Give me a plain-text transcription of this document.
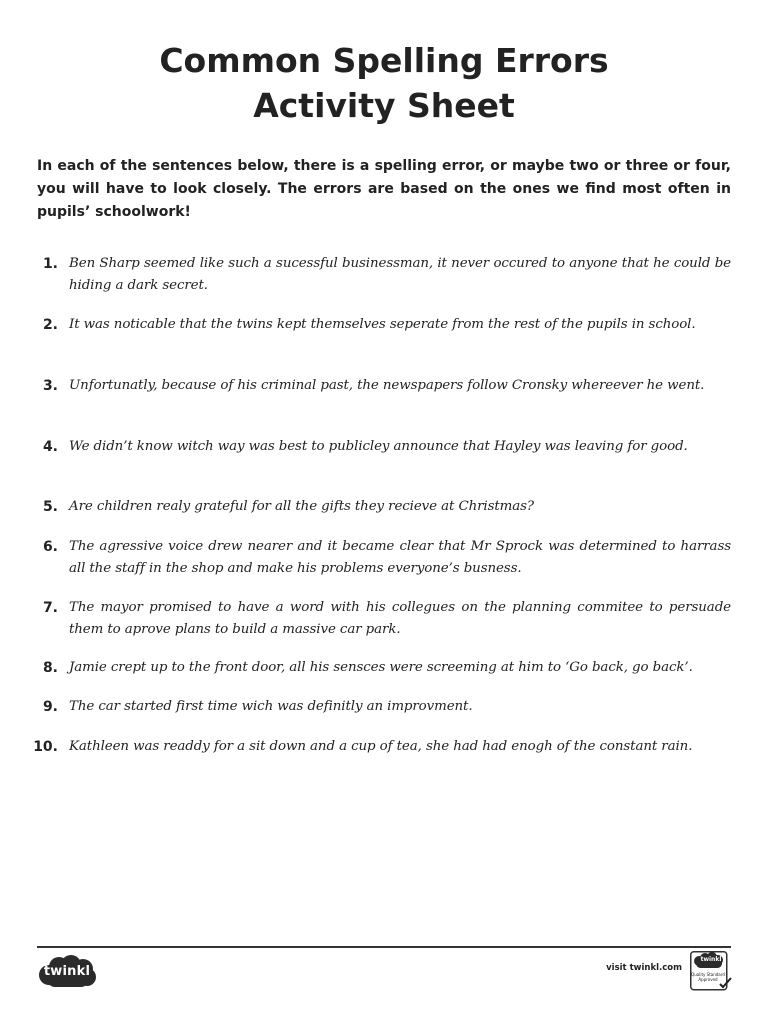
Common Spelling Errors
Activity Sheet

In each of the sentences below, there is a spelling error, or maybe two or three or four, you will have to look closely. The errors are based on the ones we find most often in pupils’ schoolwork!

1. Ben Sharp seemed like such a sucessful businessman, it never occured to anyone that he could be hiding a dark secret.
2. It was noticable that the twins kept themselves seperate from the rest of the pupils in school.
3. Unfortunatly, because of his criminal past, the newspapers follow Cronsky whereever he went.
4. We didn’t know witch way was best to publicley announce that Hayley was leaving for good.
5. Are children realy grateful for all the gifts they recieve at Christmas?
6. The agressive voice drew nearer and it became clear that Mr Sprock was determined to harrass all the staff in the shop and make his problems everyone’s busness.
7. The mayor promised to have a word with his collegues on the planning commitee to persuade them to aprove plans to build a massive car park.
8. Jamie crept up to the front door, all his sensces were screeming at him to ‘Go back, go back’.
9. The car started first time wich was definitly an improvment.
10. Kathleen was readdy for a sit down and a cup of tea, she had had enogh of the constant rain.
twinkl	visit twinkl.com
twinkl
Quality Standard Approved
